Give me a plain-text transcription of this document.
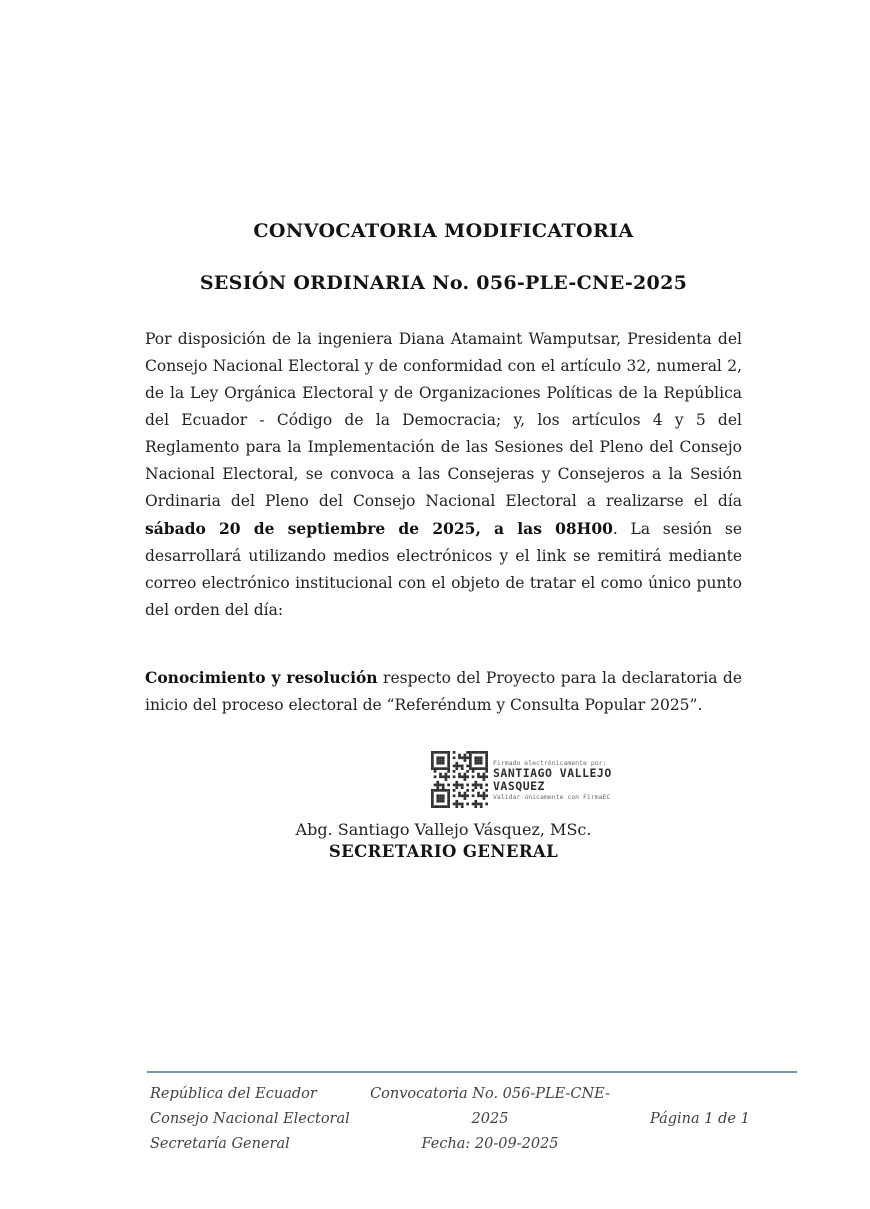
CONVOCATORIA MODIFICATORIA
SESIÓN ORDINARIA No. 056-PLE-CNE-2025

Por disposición de la ingeniera Diana Atamaint Wamputsar, Presidenta del Consejo Nacional Electoral y de conformidad con el artículo 32, numeral 2, de la Ley Orgánica Electoral y de Organizaciones Políticas de la República del Ecuador - Código de la Democracia; y, los artículos 4 y 5 del Reglamento para la Implementación de las Sesiones del Pleno del Consejo Nacional Electoral, se convoca a las Consejeras y Consejeros a la Sesión Ordinaria del Pleno del Consejo Nacional Electoral a realizarse el día sábado 20 de septiembre de 2025, a las 08H00. La sesión se desarrollará utilizando medios electrónicos y el link se remitirá mediante correo electrónico institucional con el objeto de tratar el como único punto del orden del día:

Conocimiento y resolución respecto del Proyecto para la declaratoria de inicio del proceso electoral de “Referéndum y Consulta Popular 2025”.

Firmado electrónicamente por:
SANTIAGO VALLEJO
VASQUEZ
Validar únicamente con FirmaEC
Abg. Santiago Vallejo Vásquez, MSc.
SECRETARIO GENERAL
República del Ecuador
Consejo Nacional Electoral
Secretaría General
Convocatoria No. 056-PLE-CNE-2025
Fecha: 20-09-2025
Página 1 de 1
